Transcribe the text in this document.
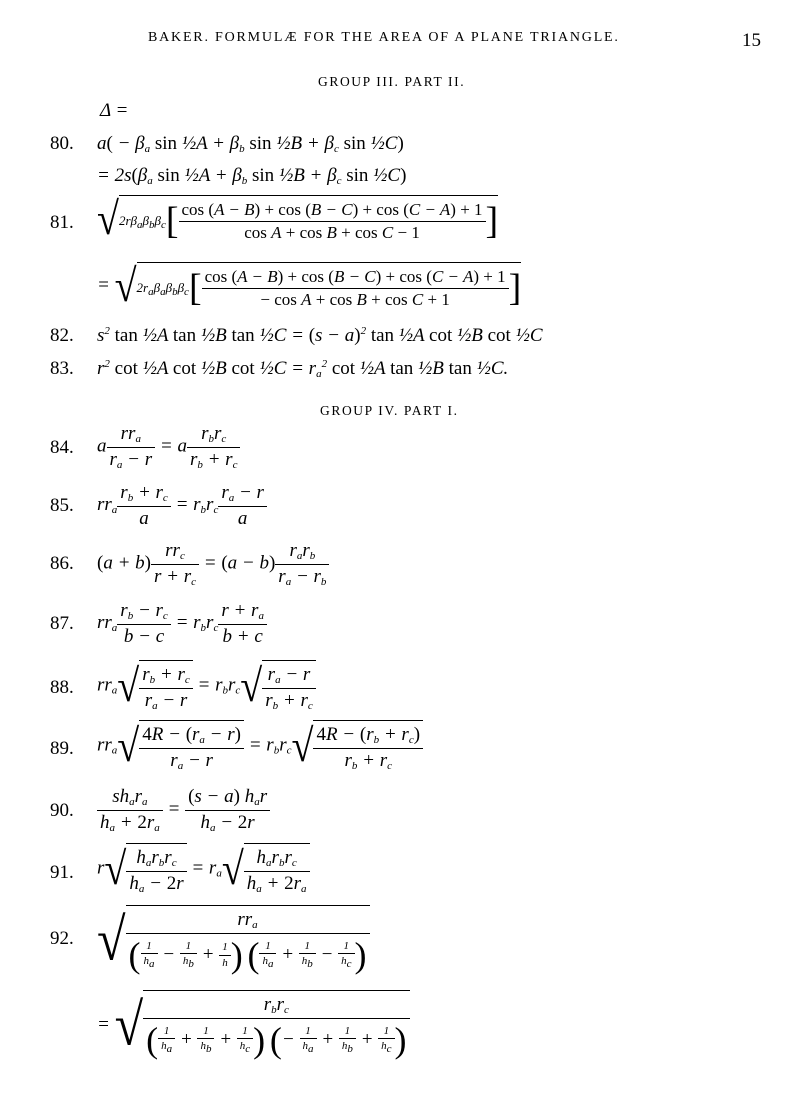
BAKER. FORMULÆ FOR THE AREA OF A PLANE TRIANGLE.	15
GROUP III. PART II.
Δ =
80. $a( - \beta_a$ sin ½A + $\beta_b$ sin ½B + $\beta_c$ sin ½C)
= $2s(\beta_a$ sin ½A + $\beta_b$ sin ½B + $\beta_c$ sin ½C)
81. $√2r\beta_a\beta_b\beta_c[ \frac{\cos (A - B) + \cos (B - C) + \cos (C - A) + 1}{\text{cos A + cos B + cos C − 1}}$ ]
= $√2r_a\beta_a\beta_b\beta_c[ \frac{\cos (A - B) + \cos (B - C) + \cos (C - A) + 1}{\text{− cos A + cos B + cos C + 1}}$ ]
82. $s^2$ tan ½A tan ½B tan ½C = $(s - a)^2$ tan ½A cot ½B cot ½C
83. $r^2$ cot ½A cot ½B cot ½C = $r_a^2$ cot ½A tan ½B tan ½C.
GROUP IV. PART I.
84. a
$rr_a$
$r_a - r$
= a
$r_br_c$
$r_b + r_c$
85. $rr_a \frac{r_b + r_c}{a} = r_br_c \frac{r_a - r}{a}$
86. (a + b)
$rr_c$
$r + r_c$
= (a − b)
$r_ar_b$
$r_a - r_b$
87. $rr_a \frac{r_b - r_c}{b - c} = r_br_c \frac{r + r_a}{b + c}$
88. $rr_a√ \frac{r_b + r_c}{r_a - r} = r_br_c√ \frac{r_a - r}{r_b + r_c}$
89. $rr_a√ \frac{4R - (r_a - r)}{r_a - r} = r_br_c√ \frac{4R - (r_b + r_c)}{r_b + r_c}$
90.
$sh_ar_a$
$h_a + 2r_a$
=
(s − a) $h_ar$
$h_a - 2r$
91. r√ $h_ar_br_c$
$h_a - 2r$
= $r_a√$ $h_ar_br_c$
$h_a + 2r_a$
92. √	$rr_a$
( $\frac{1}{h_a} - \frac{1}{h_b} + \frac{1}{h}$ ) ( $\frac{1}{h_a} + \frac{1}{h_b} - \frac{1}{h_c}$ )
= √	$r_br_c$
( $\frac{1}{h_a} + \frac{1}{h_b} + \frac{1}{h_c}$ ) (− $\frac{1}{h_a} + \frac{1}{h_b} + \frac{1}{h_c}$ )
